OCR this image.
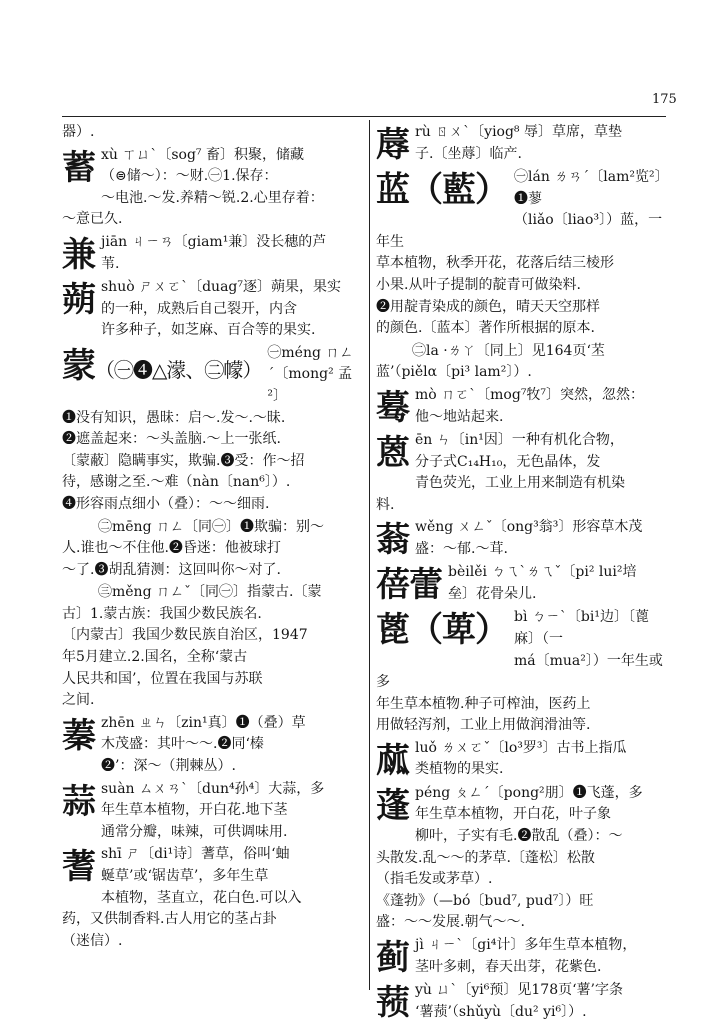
175

器）.

蓄 xù ㄒㄩˋ〔sog⁷ 畜〕积聚，储藏

（⊜储～）：～财.㊀1.保存：

～电池.～发.养精～锐.2.心里存着：

～意已久.

兼 jiān ㄐㄧㄢ〔giam¹兼〕没长穗的芦

苇.

蒴 shuò ㄕㄨㄛˋ〔duag⁷逐〕蒴果，果实

的一种，成熟后自己裂开，内含

许多种子，如芝麻、百合等的果实.

蒙（㊀❹△濛、㊁幪）

㊀méng ㄇㄥˊ〔mong² 孟²〕

❶没有知识，愚昧：启～.发～.～昧.

❷遮盖起来：～头盖脑.～上一张纸.

〔蒙蔽〕隐瞒事实，欺骗.❸受：作～招

待，感谢之至.～难（nàn〔nan⁶〕）.

❹形容雨点细小（叠）：～～细雨.

㊁mēng ㄇㄥ〔同㊀〕❶欺骗：别～

人.谁也～不住他.❷昏迷：他被球打

～了.❸胡乱猜测：这回叫你～对了.

㊂měng ㄇㄥˇ〔同㊀〕指蒙古.〔蒙

古〕1.蒙古族：我国少数民族名.

〔内蒙古〕我国少数民族自治区，1947

年5月建立.2.国名，全称‘蒙古

人民共和国’，位置在我国与苏联

之间.

蓁 zhēn ㄓㄣ〔zin¹真〕❶（叠）草

木茂盛：其叶～～.❷同‘榛

❷’：深～（荆棘丛）.

蒜 suàn ㄙㄨㄢˋ〔dun⁴孙⁴〕大蒜，多

年生草本植物，开白花.地下茎

通常分瓣，味辣，可供调味用.

蓍 shī ㄕ〔di¹诗〕蓍草，俗叫‘蚰

蜒草’或‘锯齿草’，多年生草

本植物，茎直立，花白色.可以入

药，又供制香料.古人用它的茎占卦

（迷信）.

蓐 rù ㄖㄨˋ〔yiog⁸ 辱〕草席，草垫

子.〔坐蓐〕临产.

蓝（藍） ㊀lán ㄌㄢˊ〔lam²览²〕❶蓼

（liǎo〔liao³〕）蓝，一年生

草本植物，秋季开花，花落后结三棱形

小果.从叶子提制的靛青可做染料.

❷用靛青染成的颜色，晴天天空那样

的颜色.〔蓝本〕著作所根据的原本.

㊁la ·ㄌㄚ〔同上〕见164页‘苤

蓝’（piělα〔pi³ lam²〕）.

蓦 mò ㄇㄛˋ〔mog⁷牧⁷〕突然，忽然：

他～地站起来.

蒽 ēn ㄣ〔in¹因〕一种有机化合物，

分子式C₁₄H₁₀，无色晶体，发

青色荧光，工业上用来制造有机染

料.

蓊 wěng ㄨㄥˇ〔ong³翁³〕形容草木茂

盛：～郁.～茸.

蓓蕾 bèilěi ㄅㄟˋㄌㄟˇ〔pi² lui²培

垒〕花骨朵儿.

蓖（萆） bì ㄅㄧˋ〔bi¹边〕〔蓖麻〕（一

má〔mua²〕）一年生或多

年生草本植物.种子可榨油，医药上

用做轻泻剂，工业上用做润滑油等.

蓏 luǒ ㄌㄨㄛˇ〔lo³罗³〕古书上指瓜

类植物的果实.

蓬 péng ㄆㄥˊ〔pong²朋〕❶飞蓬，多

年生草本植物，开白花，叶子象

柳叶，子实有毛.❷散乱（叠）：～

头散发.乱～～的茅草.〔蓬松〕松散

（指毛发或茅草）.

《蓬勃》（—bó〔bud⁷, pud⁷〕）旺

盛：～～发展.朝气～～.

蓟 jì ㄐㄧˋ〔gi⁴计〕多年生草本植物，

茎叶多刺，春天出芽，花紫色.

蓣 yù ㄩˋ〔yi⁶预〕见178页‘薯’字条

‘薯蓣’（shǔyù〔du² yi⁶〕）.
